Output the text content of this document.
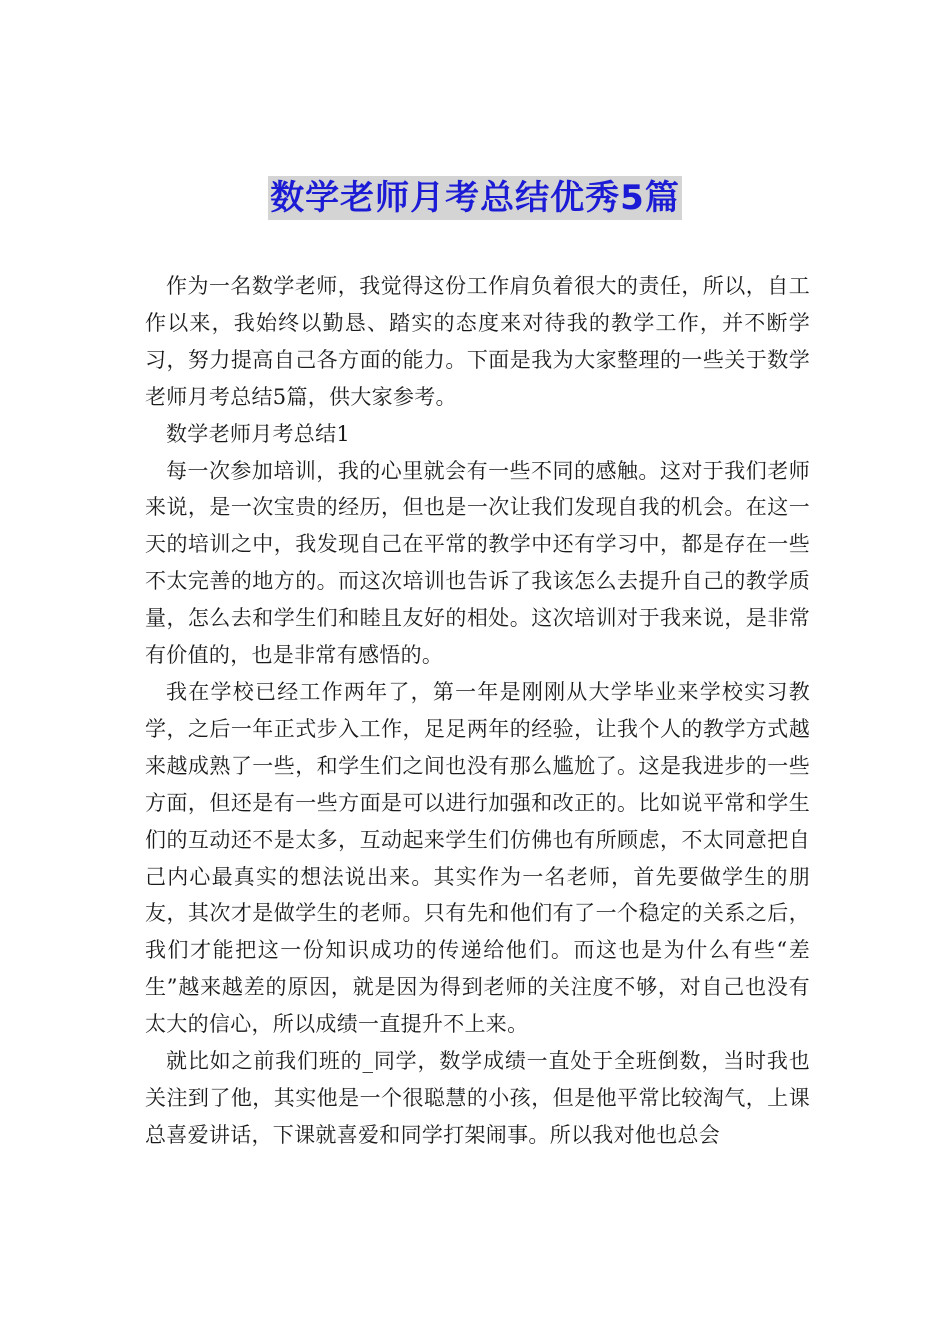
数学老师月考总结优秀5篇

作为一名数学老师，我觉得这份工作肩负着很大的责任，所以，自工作以来，我始终以勤恳、踏实的态度来对待我的教学工作，并不断学习，努力提高自己各方面的能力。下面是我为大家整理的一些关于数学老师月考总结5篇，供大家参考。

数学老师月考总结1

每一次参加培训，我的心里就会有一些不同的感触。这对于我们老师来说，是一次宝贵的经历，但也是一次让我们发现自我的机会。在这一天的培训之中，我发现自己在平常的教学中还有学习中，都是存在一些不太完善的地方的。而这次培训也告诉了我该怎么去提升自己的教学质量，怎么去和学生们和睦且友好的相处。这次培训对于我来说，是非常有价值的，也是非常有感悟的。

我在学校已经工作两年了，第一年是刚刚从大学毕业来学校实习教学，之后一年正式步入工作，足足两年的经验，让我个人的教学方式越来越成熟了一些，和学生们之间也没有那么尴尬了。这是我进步的一些方面，但还是有一些方面是可以进行加强和改正的。比如说平常和学生们的互动还不是太多，互动起来学生们仿佛也有所顾虑，不太同意把自己内心最真实的想法说出来。其实作为一名老师，首先要做学生的朋友，其次才是做学生的老师。只有先和他们有了一个稳定的关系之后，我们才能把这一份知识成功的传递给他们。而这也是为什么有些“差生”越来越差的原因，就是因为得到老师的关注度不够，对自己也没有太大的信心，所以成绩一直提升不上来。

就比如之前我们班的_同学，数学成绩一直处于全班倒数，当时我也关注到了他，其实他是一个很聪慧的小孩，但是他平常比较淘气，上课总喜爱讲话，下课就喜爱和同学打架闹事。所以我对他也总会
